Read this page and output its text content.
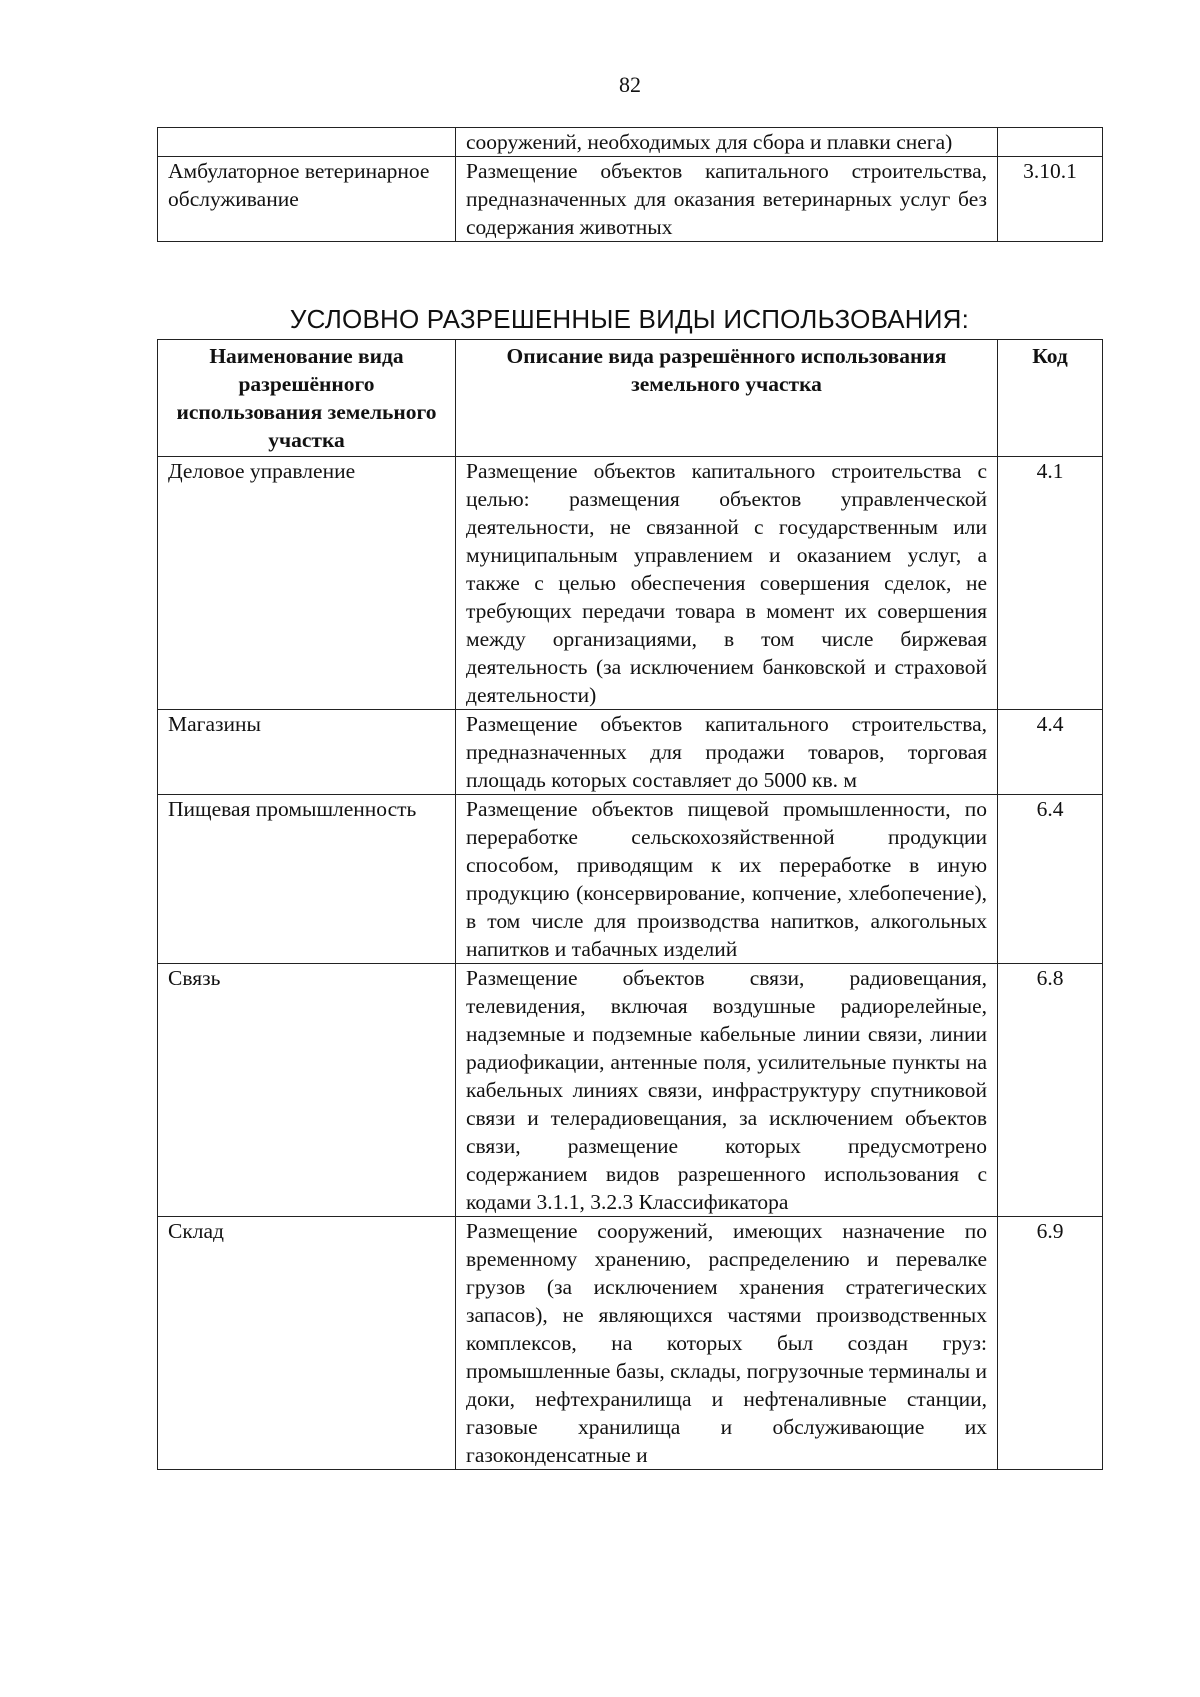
82
	сооружений, необходимых для сбора и плавки снега)	
Амбулаторное ветеринарное обслуживание	Размещение объектов капитального строительства, предназначенных для оказания ветеринарных услуг без содержания животных	3.10.1
УСЛОВНО РАЗРЕШЕННЫЕ ВИДЫ ИСПОЛЬЗОВАНИЯ:
Наименование вида разрешённого использования земельного участка	Описание вида разрешённого использования земельного участка	Код
Деловое управление	Размещение объектов капитального строительства с целью: размещения объектов управленческой деятельности, не связанной с государственным или муниципальным управлением и оказанием услуг, а также с целью обеспечения совершения сделок, не требующих передачи товара в момент их совершения между организациями, в том числе биржевая деятельность (за исключением банковской и страховой деятельности)	4.1
Магазины	Размещение объектов капитального строительства, предназначенных для продажи товаров, торговая площадь которых составляет до 5000 кв. м	4.4
Пищевая промышленность	Размещение объектов пищевой промышленности, по переработке сельскохозяйственной продукции способом, приводящим к их переработке в иную продукцию (консервирование, копчение, хлебопечение), в том числе для производства напитков, алкогольных напитков и табачных изделий	6.4
Связь	Размещение объектов связи, радиовещания, телевидения, включая воздушные радиорелейные, надземные и подземные кабельные линии связи, линии радиофикации, антенные поля, усилительные пункты на кабельных линиях связи, инфраструктуру спутниковой связи и телерадиовещания, за исключением объектов связи, размещение которых предусмотрено содержанием видов разрешенного использования с кодами 3.1.1, 3.2.3 Классификатора	6.8
Склад	Размещение сооружений, имеющих назначение по временному хранению, распределению и перевалке грузов (за исключением хранения стратегических запасов), не являющихся частями производственных комплексов, на которых был создан груз: промышленные базы, склады, погрузочные терминалы и доки, нефтехранилища и нефтеналивные станции, газовые хранилища и обслуживающие их газоконденсатные и	6.9
